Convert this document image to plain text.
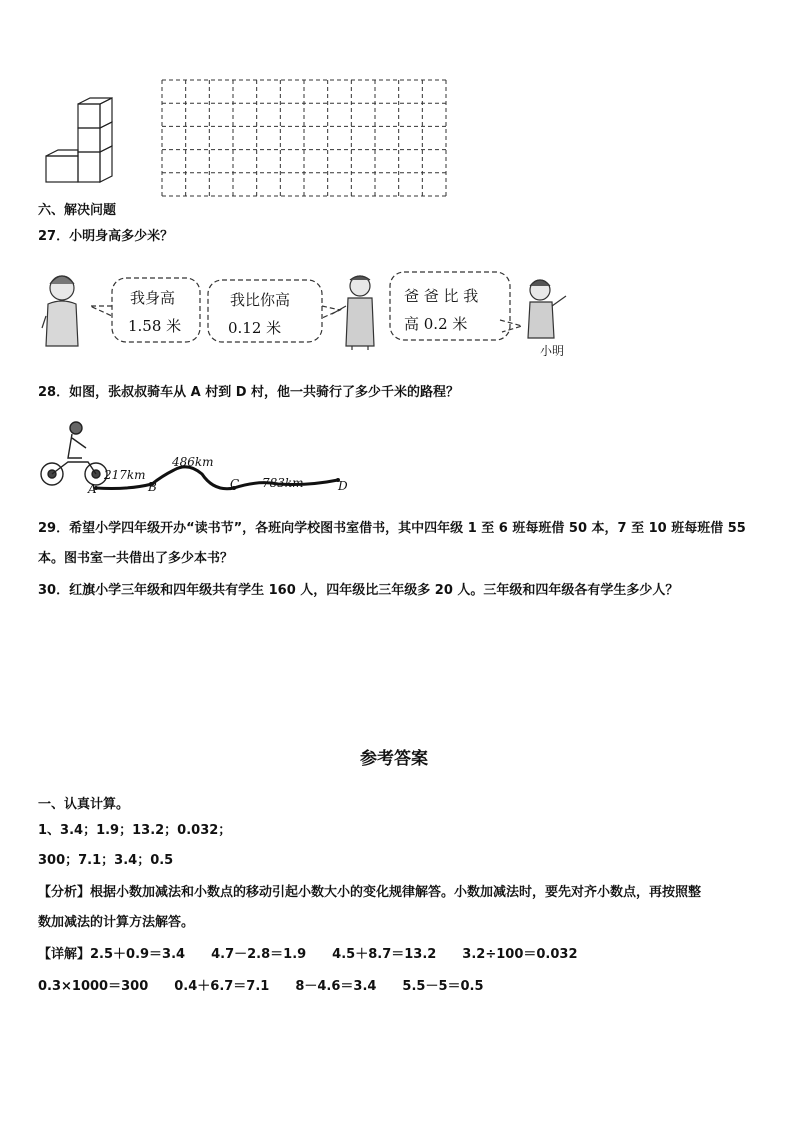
六、解决问题
27．小明身高多少米？
我身高
1.58 米
我比你高
0.12 米
爸 爸 比 我
高 0.2 米
小明
28．如图，张叔叔骑车从 A 村到 D 村，他一共骑行了多少千米的路程？
217km
486km
783km
A	B	C	D
29．希望小学四年级开办“读书节”，各班向学校图书室借书，其中四年级 1 至 6 班每班借 50 本，7 至 10 班每班借 55
本。图书室一共借出了多少本书？
30．红旗小学三年级和四年级共有学生 160 人，四年级比三年级多 20 人。三年级和四年级各有学生多少人？
参考答案
一、认真计算。
1、3.4；1.9；13.2；0.032；
300；7.1；3.4；0.5
【分析】根据小数加减法和小数点的移动引起小数大小的变化规律解答。小数加减法时，要先对齐小数点，再按照整
数加减法的计算方法解答。
【详解】2.5＋0.9＝3.4　　4.7－2.8＝1.9　　4.5＋8.7＝13.2　　3.2÷100＝0.032
0.3×1000＝300　　0.4＋6.7＝7.1　　8－4.6＝3.4　　5.5－5＝0.5
